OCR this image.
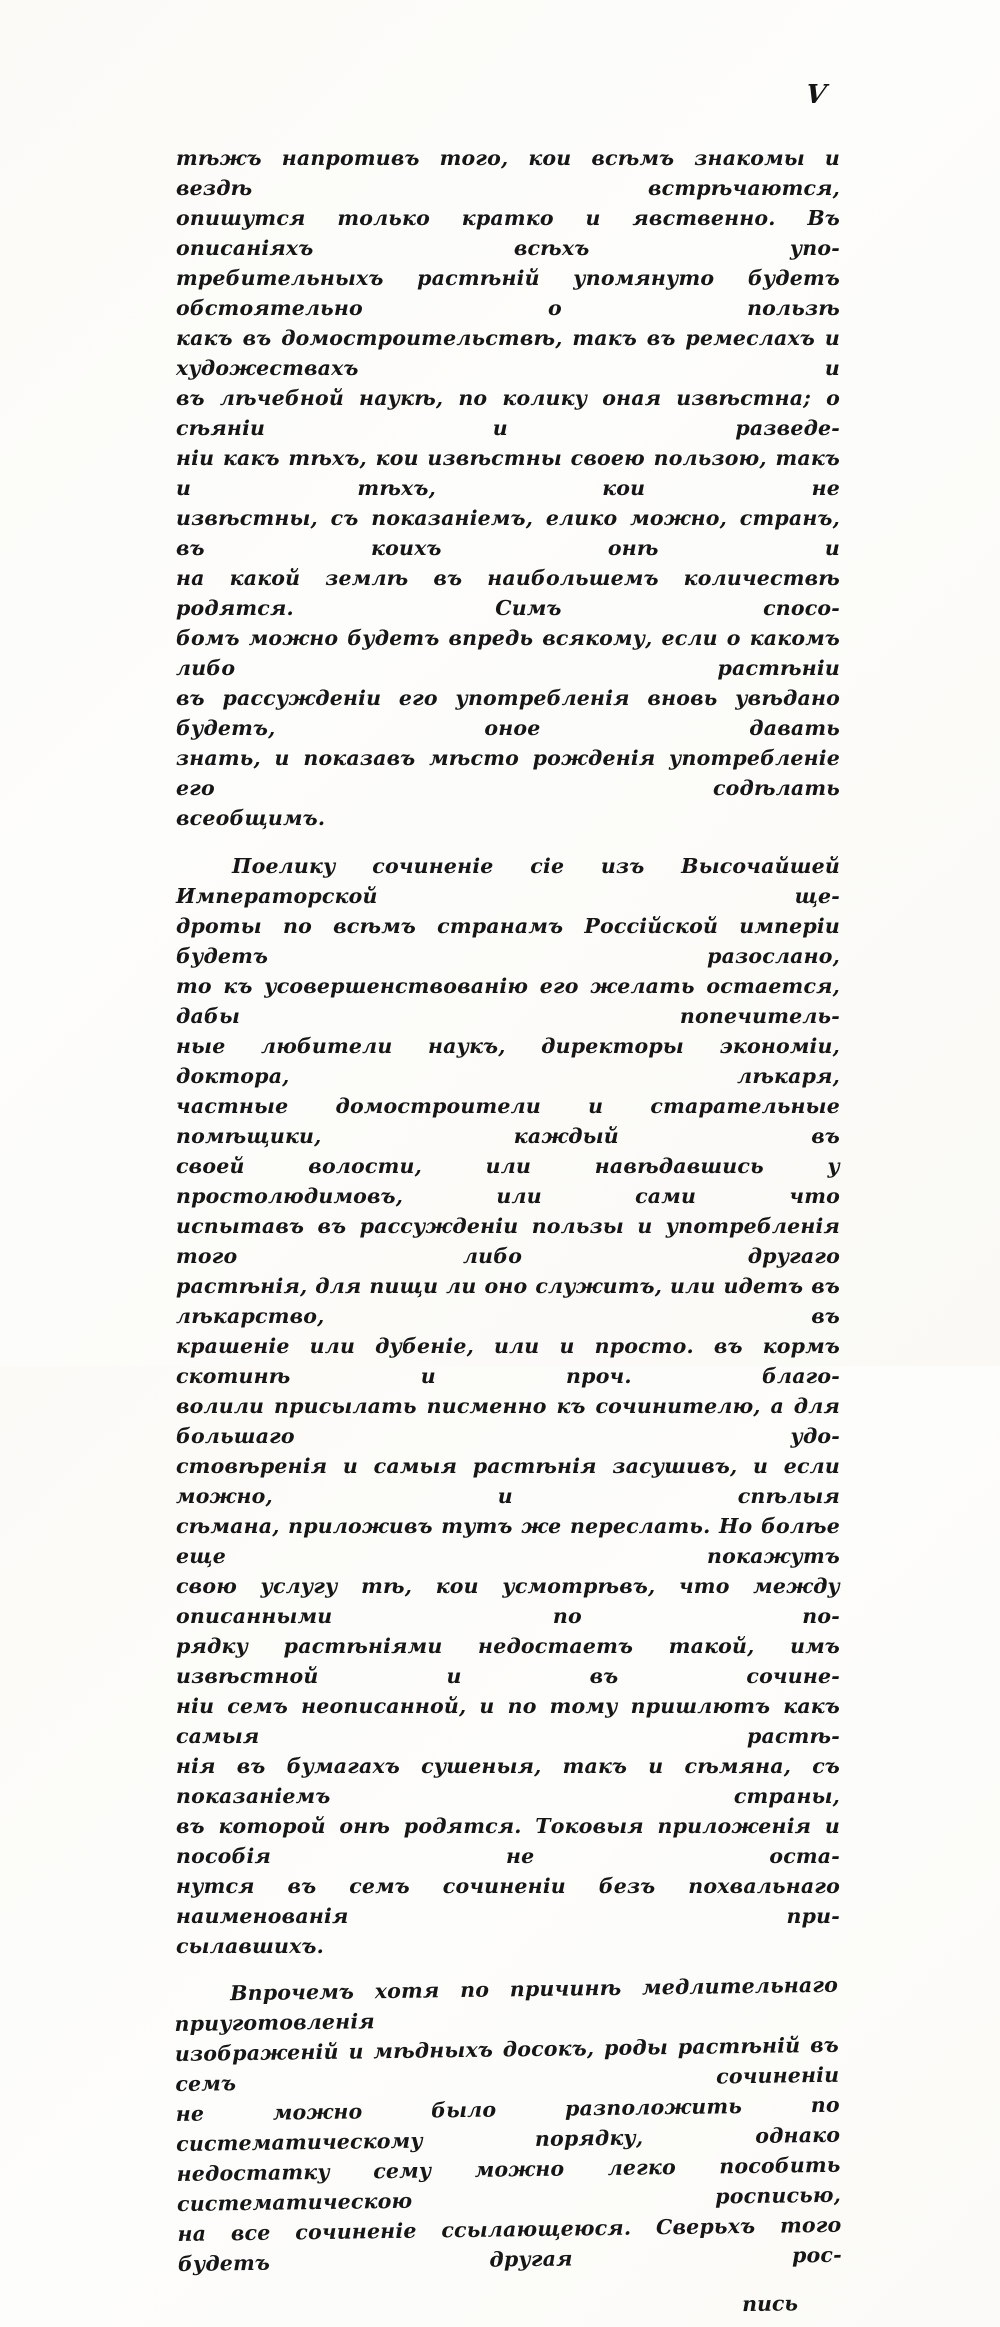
V
тѣжъ напротивъ того, кои всѣмъ знакомы и вездѣ встрѣчаются,
опишутся только кратко и явственно. Въ описаніяхъ всѣхъ упо-
требительныхъ растѣній упомянуто будетъ обстоятельно о пользѣ
какъ въ домостроительствѣ, такъ въ ремеслахъ и художествахъ и
въ лѣчебной наукѣ, по колику оная извѣстна; о сѣяніи и разведе-
ніи какъ тѣхъ, кои извѣстны своею пользою, такъ и тѣхъ, кои не
извѣстны, съ показаніемъ, елико можно, странъ, въ коихъ онѣ и
на какой землѣ въ наибольшемъ количествѣ родятся. Симъ спосо-
бомъ можно будетъ впредь всякому, если о какомъ либо растѣніи
въ рассужденіи его употребленія вновь увѣдано будетъ, оное давать
знать, и показавъ мѣсто рожденія употребленіе его содѣлать
всеобщимъ.
Поелику сочиненіе сіе изъ Высочайшей Императорской ще-
дроты по всѣмъ странамъ Россійской имперіи будетъ разослано,
то къ усовершенствованію его желать остается, дабы попечитель-
ные любители наукъ, директоры экономіи, доктора, лѣкаря,
частные домостроители и старательные помѣщики, каждый въ
своей волости, или навѣдавшись у простолюдимовъ, или сами что
испытавъ въ рассужденіи пользы и употребленія того либо другаго
растѣнія, для пищи ли оно служитъ, или идетъ въ лѣкарство, въ
крашеніе или дубеніе, или и просто. въ кормъ скотинѣ и проч. благо-
волили присылать писменно къ сочинителю, а для большаго удо-
стовѣренія и самыя растѣнія засушивъ, и если можно, и спѣлыя
сѣмана, приложивъ тутъ же переслать. Но болѣе еще покажутъ
свою услугу тѣ, кои усмотрѣвъ, что между описанными по по-
рядку растѣніями недостаетъ такой, имъ извѣстной и въ сочине-
ніи семъ неописанной, и по тому пришлютъ какъ самыя растѣ-
нія въ бумагахъ сушеныя, такъ и сѣмяна, съ показаніемъ страны,
въ которой онѣ родятся. Токовыя приложенія и пособія не оста-
нутся въ семъ сочиненіи безъ похвальнаго наименованія при-
сылавшихъ.
Впрочемъ хотя по причинѣ медлительнаго приуготовленія
изображеній и мѣдныхъ досокъ, роды растѣній въ семъ сочиненіи
не можно было разположить по систематическому порядку, однако
недостатку сему можно легко пособить систематическою росписью,
на все сочиненіе ссылающеюся. Сверьхъ того будетъ другая рос-
пись
